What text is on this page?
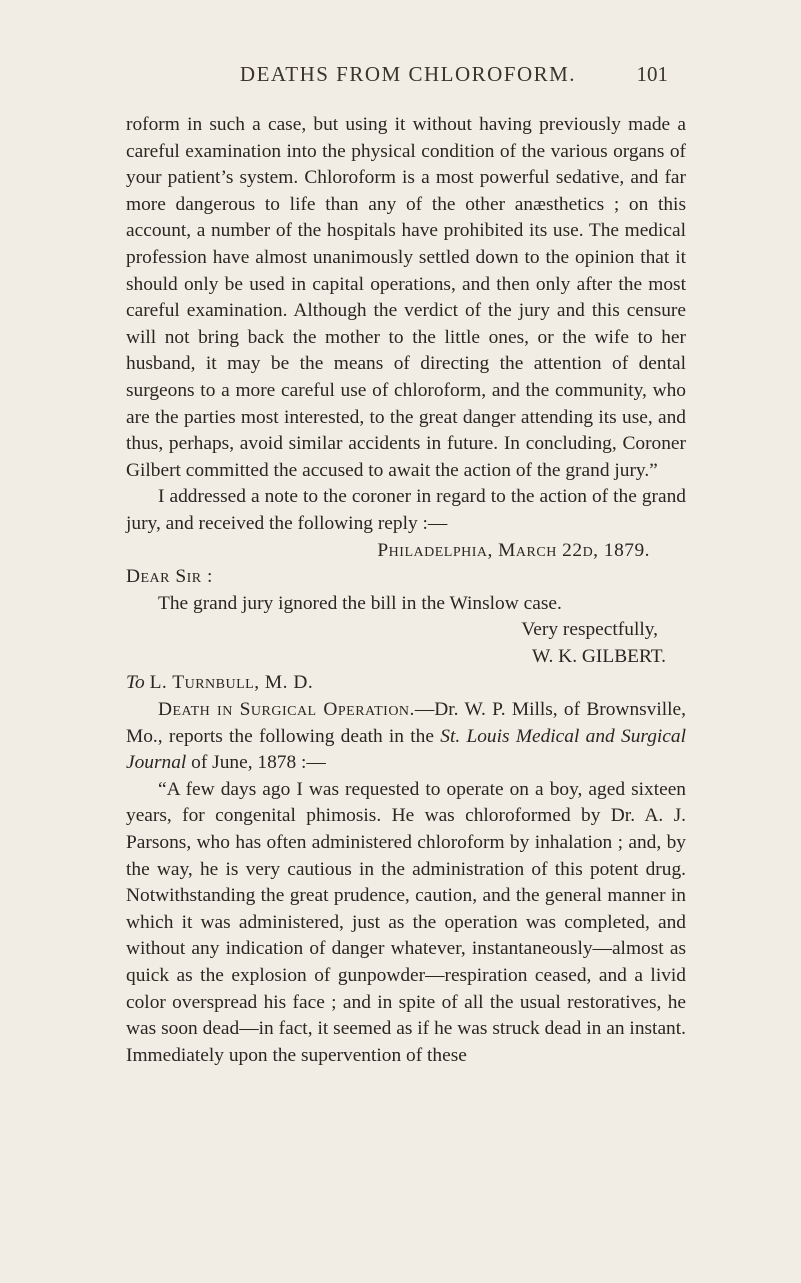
DEATHS FROM CHLOROFORM.	101

roform in such a case, but using it without having previously made a careful examination into the physical condition of the various organs of your patient’s system. Chloroform is a most powerful sedative, and far more dangerous to life than any of the other anæsthetics ; on this account, a number of the hospitals have prohibited its use. The medical profession have almost unanimously settled down to the opinion that it should only be used in capital operations, and then only after the most careful examination. Although the verdict of the jury and this censure will not bring back the mother to the little ones, or the wife to her husband, it may be the means of directing the attention of dental surgeons to a more careful use of chloroform, and the community, who are the parties most interested, to the great danger attending its use, and thus, perhaps, avoid similar accidents in future. In concluding, Coroner Gilbert committed the accused to await the action of the grand jury.”

I addressed a note to the coroner in regard to the action of the grand jury, and received the following reply :—

Philadelphia, March 22d, 1879.

Dear Sir :

The grand jury ignored the bill in the Winslow case.

Very respectfully,

W. K. GILBERT.

To L. Turnbull, M. D.

Death in Surgical Operation.—Dr. W. P. Mills, of Brownsville, Mo., reports the following death in the St. Louis Medical and Surgical Journal of June, 1878 :—

“A few days ago I was requested to operate on a boy, aged sixteen years, for congenital phimosis. He was chloroformed by Dr. A. J. Parsons, who has often administered chloroform by inhalation ; and, by the way, he is very cautious in the administration of this potent drug. Notwithstanding the great prudence, caution, and the general manner in which it was administered, just as the operation was completed, and without any indication of danger whatever, instantaneously—almost as quick as the explosion of gunpowder—respiration ceased, and a livid color overspread his face ; and in spite of all the usual restoratives, he was soon dead—in fact, it seemed as if he was struck dead in an instant. Immediately upon the supervention of these
